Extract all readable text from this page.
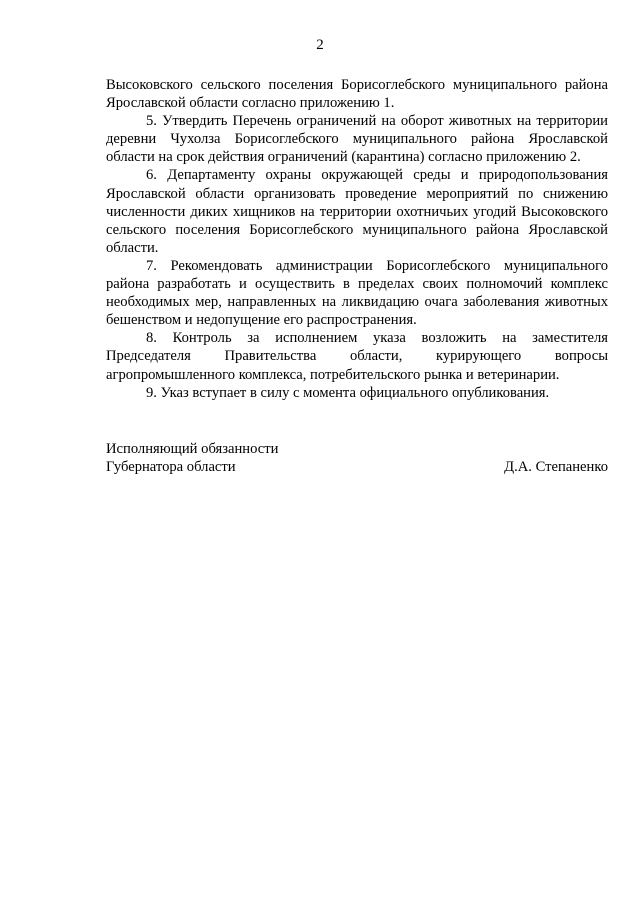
2

Высоковского сельского поселения Борисоглебского муниципального района Ярославской области согласно приложению 1.

5. Утвердить Перечень ограничений на оборот животных на территории деревни Чухолза Борисоглебского муниципального района Ярославской области на срок действия ограничений (карантина) согласно приложению 2.

6. Департаменту охраны окружающей среды и природопользования Ярославской области организовать проведение мероприятий по снижению численности диких хищников на территории охотничьих угодий Высоковского сельского поселения Борисоглебского муниципального района Ярославской области.

7. Рекомендовать администрации Борисоглебского муниципального района разработать и осуществить в пределах своих полномочий комплекс необходимых мер, направленных на ликвидацию очага заболевания животных бешенством и недопущение его распространения.

8. Контроль за исполнением указа возложить на заместителя Председателя Правительства области, курирующего вопросы агропромышленного комплекса, потребительского рынка и ветеринарии.

9. Указ вступает в силу с момента официального опубликования.

Исполняющий обязанности
Губернатора области	Д.А. Степаненко
